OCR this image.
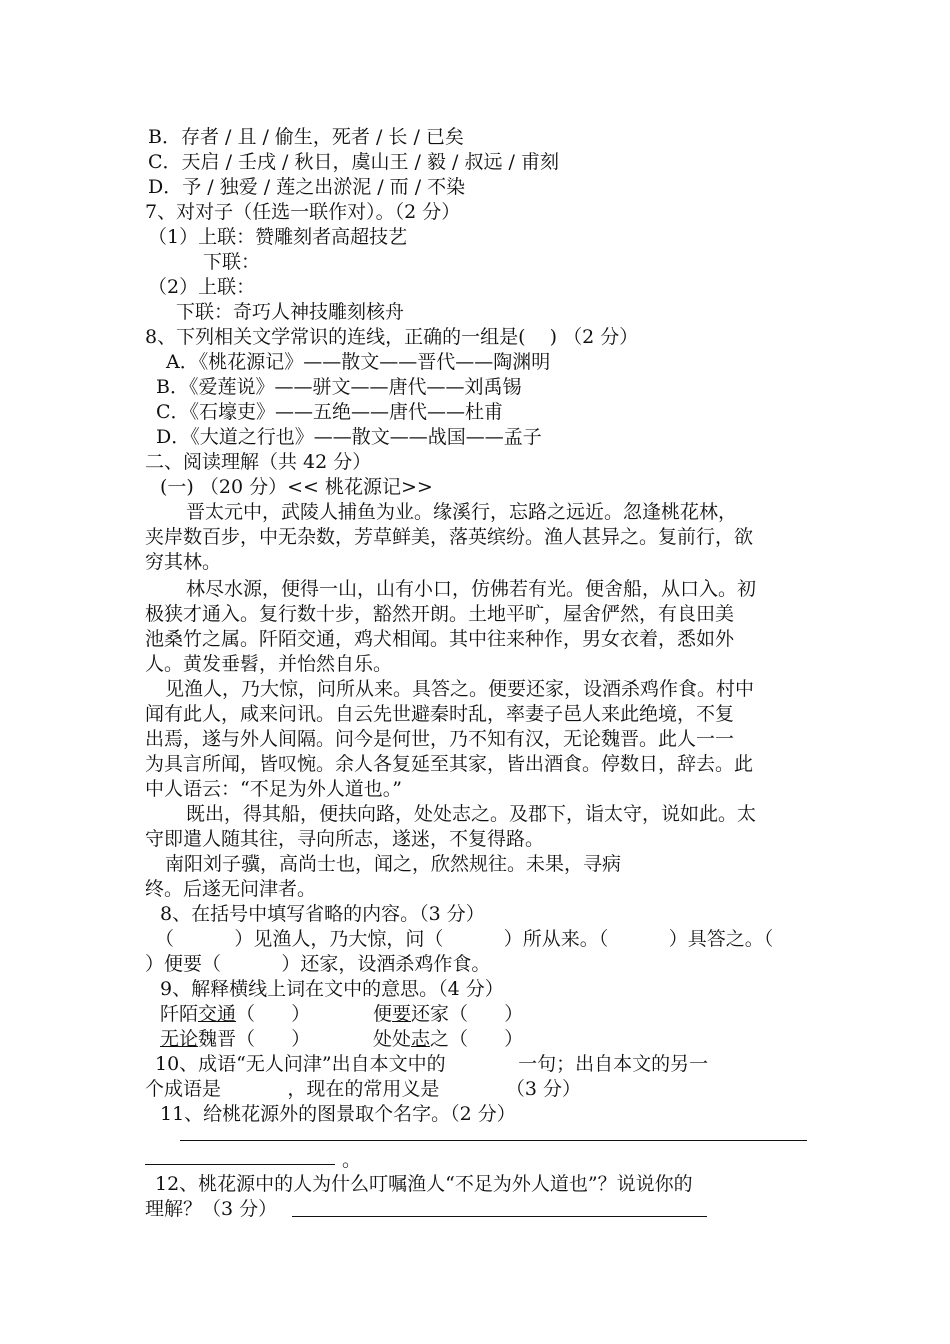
B．存者 / 且 / 偷生，死者 / 长 / 已矣
C．天启 / 壬戌 / 秋日，虞山王 / 毅 / 叔远 / 甫刻
D．予 / 独爱 / 莲之出淤泥 / 而 / 不染
7、对对子（任选一联作对）。（2 分）
（1）上联：赞雕刻者高超技艺
下联：
（2）上联：
下联：奇巧人神技雕刻核舟
8、下列相关文学常识的连线，正确的一组是(    ) （2 分）
A．《桃花源记》——散文——晋代——陶渊明
B．《爱莲说》——骈文——唐代——刘禹锡
C．《石壕吏》——五绝——唐代——杜甫
D．《大道之行也》——散文——战国——孟子
二、阅读理解（共 42 分）
(一) （20 分）<< 桃花源记>>
晋太元中，武陵人捕鱼为业。缘溪行，忘路之远近。忽逢桃花林，
夹岸数百步，中无杂数，芳草鲜美，落英缤纷。渔人甚异之。复前行，欲
穷其林。
林尽水源，便得一山，山有小口，仿佛若有光。便舍船，从口入。初
极狭才通入。复行数十步，豁然开朗。土地平旷，屋舍俨然，有良田美
池桑竹之属。阡陌交通，鸡犬相闻。其中往来种作，男女衣着，悉如外
人。黄发垂髫，并怡然自乐。
见渔人，乃大惊，问所从来。具答之。便要还家，设酒杀鸡作食。村中
闻有此人，咸来问讯。自云先世避秦时乱，率妻子邑人来此绝境，不复
出焉，遂与外人间隔。问今是何世，乃不知有汉，无论魏晋。此人一一
为具言所闻，皆叹惋。余人各复延至其家，皆出酒食。停数日，辞去。此
中人语云：“不足为外人道也。”
既出，得其船，便扶向路，处处志之。及郡下，诣太守，说如此。太
守即遣人随其往，寻向所志，遂迷，不复得路。
南阳刘子骥，高尚士也，闻之，欣然规往。未果，寻病
终。后遂无问津者。
8、在括号中填写省略的内容。（3 分）
（          ）见渔人，乃大惊，问（          ）所从来。（          ）具答之。（
）便要（          ）还家，设酒杀鸡作食。
9、解释横线上词在文中的意思。（4 分）
阡陌交通（      ）	便要还家（      ）
无论魏晋（      ）	处处志之（      ）
10、成语“无人问津”出自本文中的            一句；出自本文的另一
个成语是           ，现在的常用义是           （3 分）
11、给桃花源外的图景取个名字。（2 分）
。
12、桃花源中的人为什么叮嘱渔人“不足为外人道也”？说说你的
理解？（3 分）
